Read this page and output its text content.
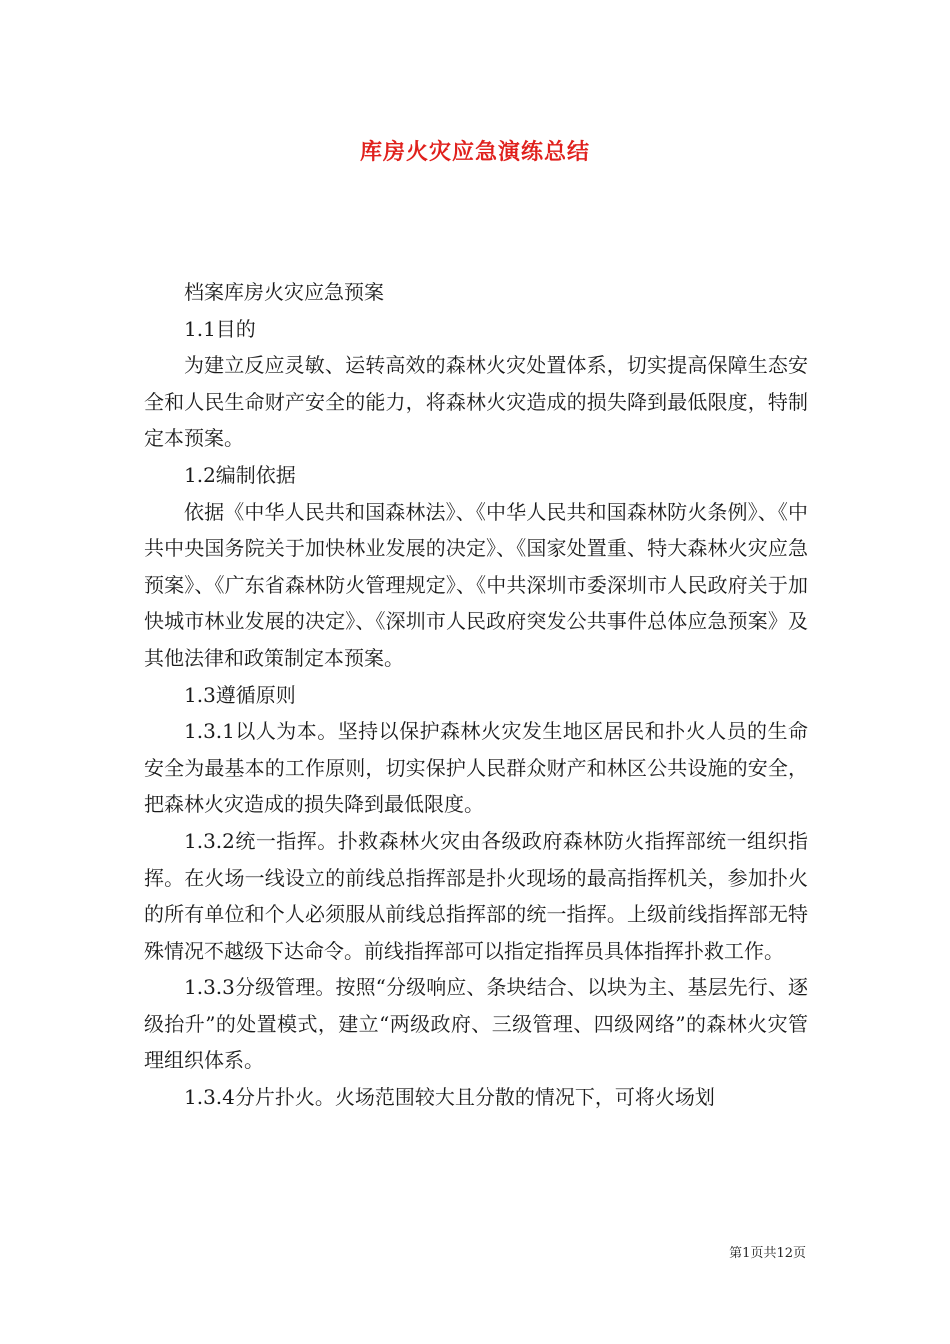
库房火灾应急演练总结

档案库房火灾应急预案

1.1目的

为建立反应灵敏、运转高效的森林火灾处置体系，切实提高保障生态安全和人民生命财产安全的能力，将森林火灾造成的损失降到最低限度，特制定本预案。

1.2编制依据

依据《中华人民共和国森林法》、《中华人民共和国森林防火条例》、《中共中央国务院关于加快林业发展的决定》、《国家处置重、特大森林火灾应急预案》、《广东省森林防火管理规定》、《中共深圳市委深圳市人民政府关于加快城市林业发展的决定》、《深圳市人民政府突发公共事件总体应急预案》及其他法律和政策制定本预案。

1.3遵循原则

1.3.1以人为本。坚持以保护森林火灾发生地区居民和扑火人员的生命安全为最基本的工作原则，切实保护人民群众财产和林区公共设施的安全，把森林火灾造成的损失降到最低限度。

1.3.2统一指挥。扑救森林火灾由各级政府森林防火指挥部统一组织指挥。在火场一线设立的前线总指挥部是扑火现场的最高指挥机关，参加扑火的所有单位和个人必须服从前线总指挥部的统一指挥。上级前线指挥部无特殊情况不越级下达命令。前线指挥部可以指定指挥员具体指挥扑救工作。

1.3.3分级管理。按照“分级响应、条块结合、以块为主、基层先行、逐级抬升”的处置模式，建立“两级政府、三级管理、四级网络”的森林火灾管理组织体系。

1.3.4分片扑火。火场范围较大且分散的情况下，可将火场划

第1页共12页
